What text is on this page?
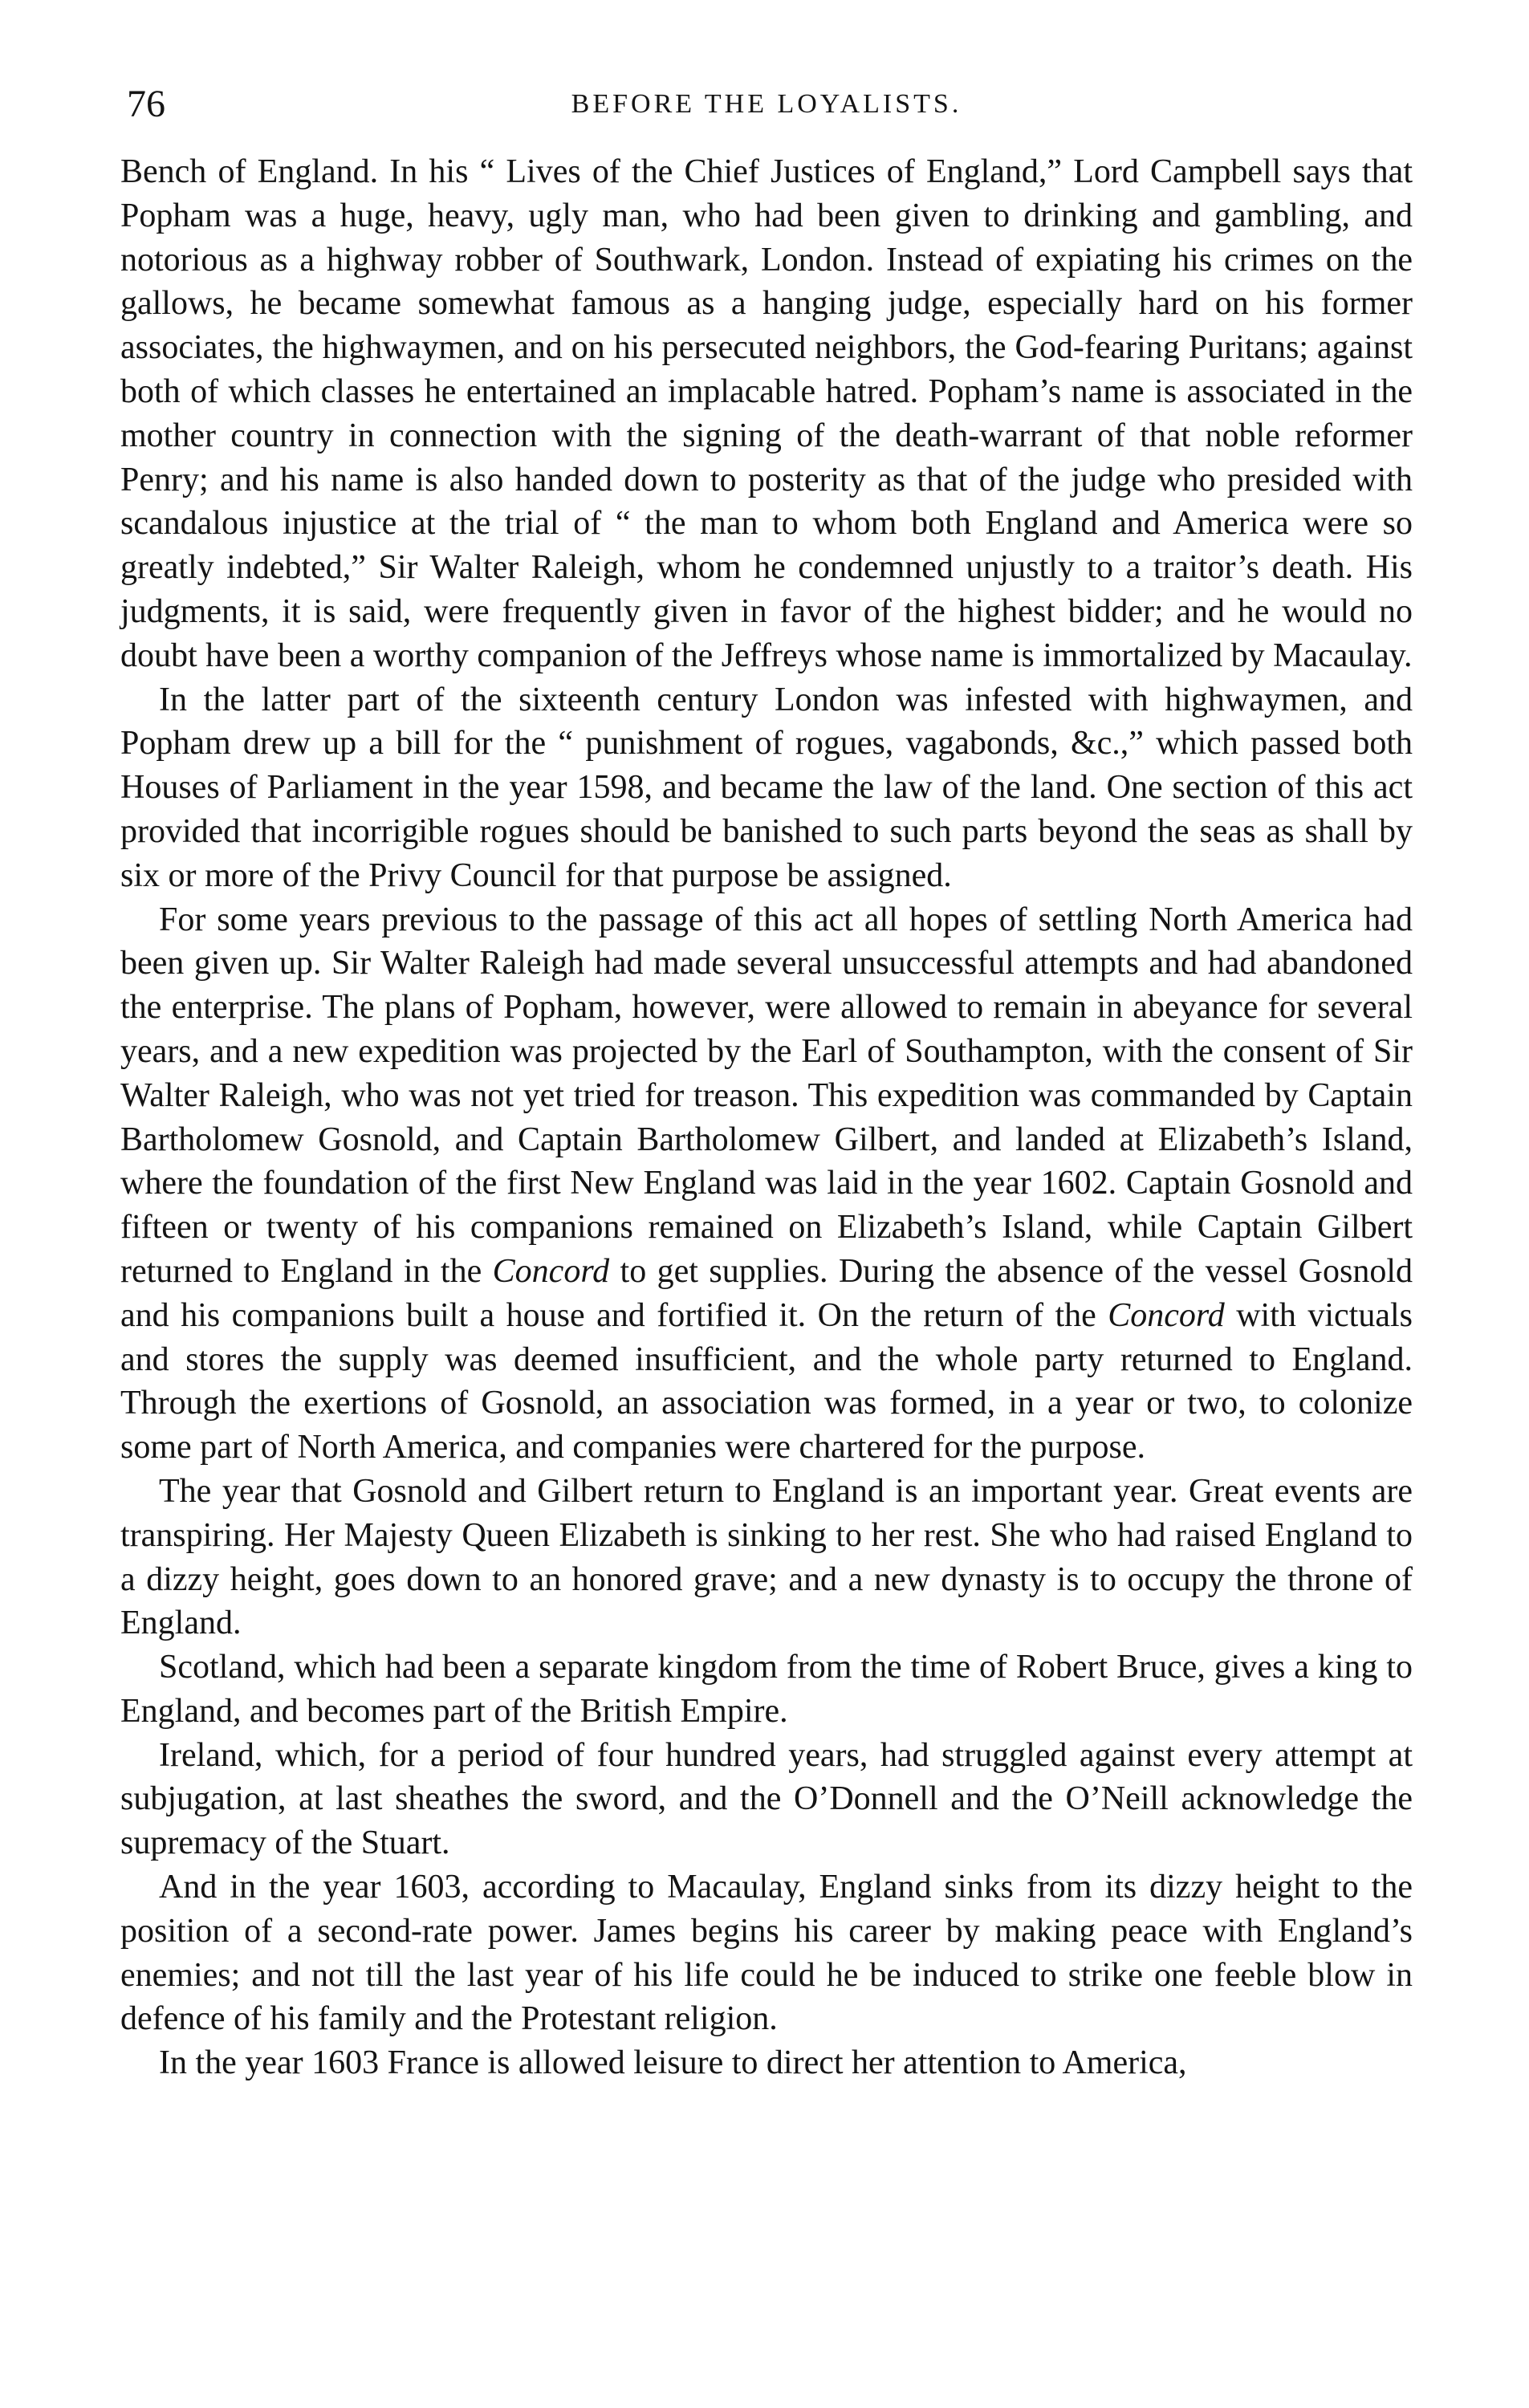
76	BEFORE THE LOYALISTS.

Bench of England. In his “ Lives of the Chief Justices of England,” Lord Campbell says that Popham was a huge, heavy, ugly man, who had been given to drinking and gambling, and notorious as a highway robber of Southwark, London. Instead of expiating his crimes on the gallows, he became somewhat famous as a hanging judge, especially hard on his former associates, the highwaymen, and on his persecuted neighbors, the God-fearing Puritans; against both of which classes he entertained an implacable hatred. Popham’s name is associated in the mother country in connection with the signing of the death-warrant of that noble reformer Penry; and his name is also handed down to posterity as that of the judge who presided with scandalous injustice at the trial of “ the man to whom both England and America were so greatly indebted,” Sir Walter Raleigh, whom he condemned unjustly to a traitor’s death. His judgments, it is said, were frequently given in favor of the highest bidder; and he would no doubt have been a worthy companion of the Jeffreys whose name is immortalized by Macaulay.

In the latter part of the sixteenth century London was infested with highwaymen, and Popham drew up a bill for the “ punishment of rogues, vagabonds, &c.,” which passed both Houses of Parliament in the year 1598, and became the law of the land. One section of this act provided that incorrigible rogues should be banished to such parts beyond the seas as shall by six or more of the Privy Council for that purpose be assigned.

For some years previous to the passage of this act all hopes of settling North America had been given up. Sir Walter Raleigh had made several unsuccessful attempts and had abandoned the enterprise. The plans of Popham, however, were allowed to remain in abeyance for several years, and a new expedition was projected by the Earl of Southampton, with the consent of Sir Walter Raleigh, who was not yet tried for treason. This expedition was commanded by Captain Bartholomew Gosnold, and Captain Bartholomew Gilbert, and landed at Elizabeth’s Island, where the foundation of the first New England was laid in the year 1602. Captain Gosnold and fifteen or twenty of his companions remained on Elizabeth’s Island, while Captain Gilbert returned to England in the Concord to get supplies. During the absence of the vessel Gosnold and his companions built a house and fortified it. On the return of the Concord with victuals and stores the supply was deemed insufficient, and the whole party returned to England. Through the exertions of Gosnold, an association was formed, in a year or two, to colonize some part of North America, and companies were chartered for the purpose.

The year that Gosnold and Gilbert return to England is an important year. Great events are transpiring. Her Majesty Queen Elizabeth is sinking to her rest. She who had raised England to a dizzy height, goes down to an honored grave; and a new dynasty is to occupy the throne of England.

Scotland, which had been a separate kingdom from the time of Robert Bruce, gives a king to England, and becomes part of the British Empire.

Ireland, which, for a period of four hundred years, had struggled against every attempt at subjugation, at last sheathes the sword, and the O’Donnell and the O’Neill acknowledge the supremacy of the Stuart.

And in the year 1603, according to Macaulay, England sinks from its dizzy height to the position of a second-rate power. James begins his career by making peace with England’s enemies; and not till the last year of his life could he be induced to strike one feeble blow in defence of his family and the Protestant religion.

In the year 1603 France is allowed leisure to direct her attention to America,
